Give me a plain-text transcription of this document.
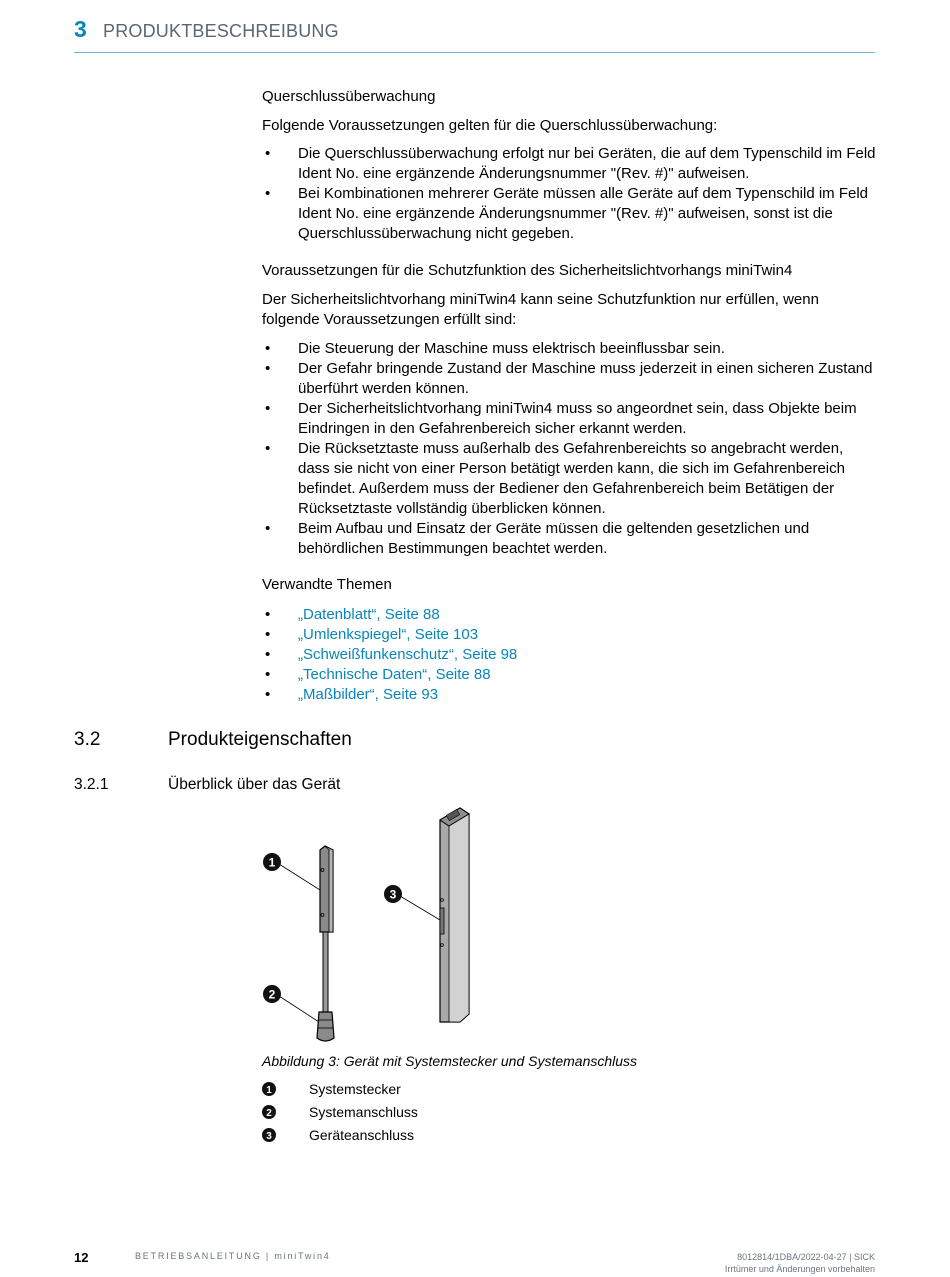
3 PRODUKTBESCHREIBUNG
Querschlussüberwachung
Folgende Voraussetzungen gelten für die Querschlussüberwachung:
• Die Querschlussüberwachung erfolgt nur bei Geräten, die auf dem Typenschild im Feld Ident No. eine ergänzende Änderungsnummer "(Rev. #)" aufweisen.
• Bei Kombinationen mehrerer Geräte müssen alle Geräte auf dem Typenschild im Feld Ident No. eine ergänzende Änderungsnummer "(Rev. #)" aufweisen, sonst ist die Querschlussüberwachung nicht gegeben.
Voraussetzungen für die Schutzfunktion des Sicherheitslichtvorhangs miniTwin4
Der Sicherheitslichtvorhang miniTwin4 kann seine Schutzfunktion nur erfüllen, wenn folgende Voraussetzungen erfüllt sind:
• Die Steuerung der Maschine muss elektrisch beeinflussbar sein.
• Der Gefahr bringende Zustand der Maschine muss jederzeit in einen sicheren Zustand überführt werden können.
• Der Sicherheitslichtvorhang miniTwin4 muss so angeordnet sein, dass Objekte beim Eindringen in den Gefahrenbereich sicher erkannt werden.
• Die Rücksetztaste muss außerhalb des Gefahrenbereichts so angebracht werden, dass sie nicht von einer Person betätigt werden kann, die sich im Gefahrenbereich befindet. Außerdem muss der Bediener den Gefahrenbereich beim Betätigen der Rücksetztaste vollständig überblicken können.
• Beim Aufbau und Einsatz der Geräte müssen die geltenden gesetzlichen und behördlichen Bestimmungen beachtet werden.
Verwandte Themen
• „Datenblatt“, Seite 88
• „Umlenkspiegel“, Seite 103
• „Schweißfunkenschutz“, Seite 98
• „Technische Daten“, Seite 88
• „Maßbilder“, Seite 93
3.2	Produkteigenschaften
3.2.1	Überblick über das Gerät
1
2
3
Abbildung 3: Gerät mit Systemstecker und Systemanschluss
1	Systemstecker
2	Systemanschluss
3	Geräteanschluss
12	BETRIEBSANLEITUNG | miniTwin4	8012814/1DBA/2022-04-27 | SICK
Irrtümer und Änderungen vorbehalten
